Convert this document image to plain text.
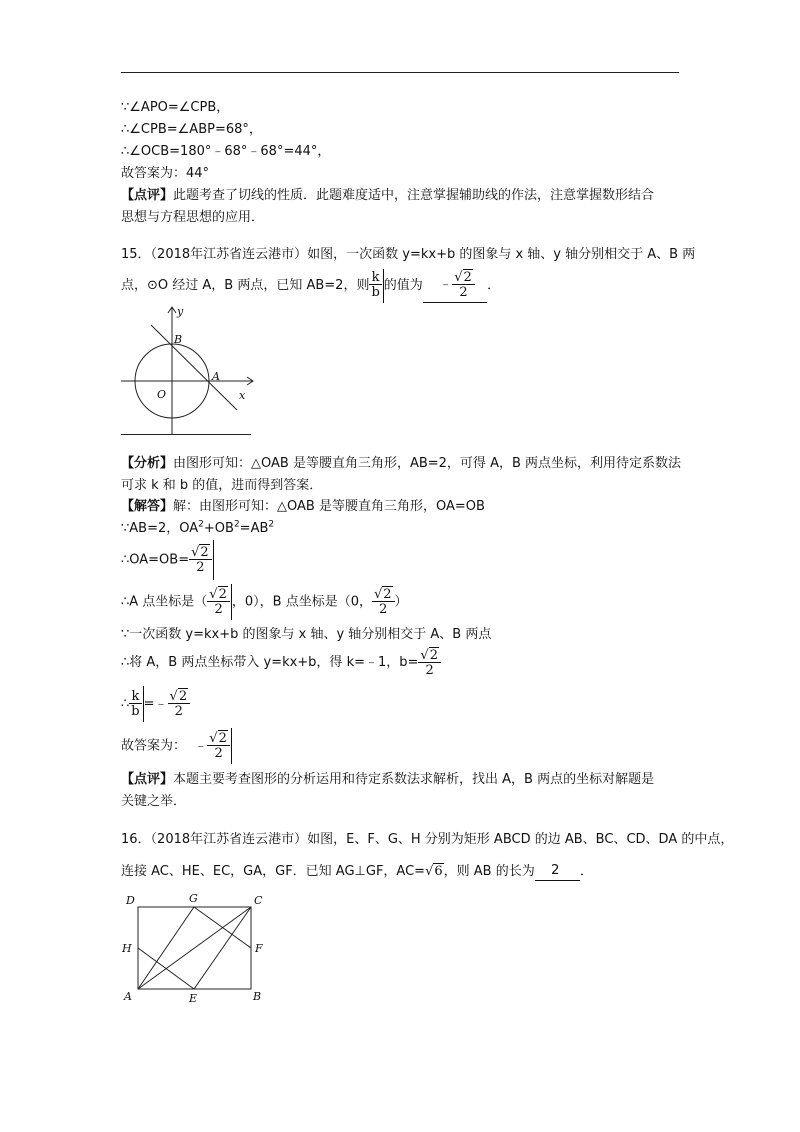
∵∠APO=∠CPB，
∴∠CPB=∠ABP=68°，
∴∠OCB=180°﹣68°﹣68°=44°，
故答案为：44°
【点评】此题考查了切线的性质．此题难度适中，注意掌握辅助线的作法，注意掌握数形结合
思想与方程思想的应用．
15．（2018年江苏省连云港市）如图，一次函数 y=kx+b 的图象与 x 轴、y 轴分别相交于 A、B 两
点，⊙O 经过 A，B 两点，已知 AB=2，则 $\frac{k}{b}$ 的值为 ﹣ $\frac{√2}{2}$ ．
y
x
B
A
O
【分析】由图形可知：△OAB 是等腰直角三角形，AB=2，可得 A，B 两点坐标，利用待定系数法
可求 k 和 b 的值，进而得到答案．
【解答】解：由图形可知：△OAB 是等腰直角三角形，OA=OB
∵AB=2，$OA^2+OB^2=AB^2$
∴OA=OB= $\frac{√2}{2}$
∴A 点坐标是（ $\frac{√2}{2}$ ，0），B 点坐标是（0， $\frac{√2}{2}$ ）
∵一次函数 y=kx+b 的图象与 x 轴、y 轴分别相交于 A、B 两点
∴将 A，B 两点坐标带入 y=kx+b，得 k=﹣1，$b= \frac{√2}{2}$
∴ $\frac{k}{b}$ =﹣ $\frac{√2}{2}$
故答案为： ﹣ $\frac{√2}{2}$
【点评】本题主要考查图形的分析运用和待定系数法求解析，找出 A，B 两点的坐标对解题是
关键之举．
16．（2018年江苏省连云港市）如图，E、F、G、H 分别为矩形 ABCD 的边 AB、BC、CD、DA 的中点，
连接 AC、HE、EC，GA，GF．已知 AG⊥GF，AC=√6，则 AB 的长为 2 ．
D	G	C
H	F
A	E	B
